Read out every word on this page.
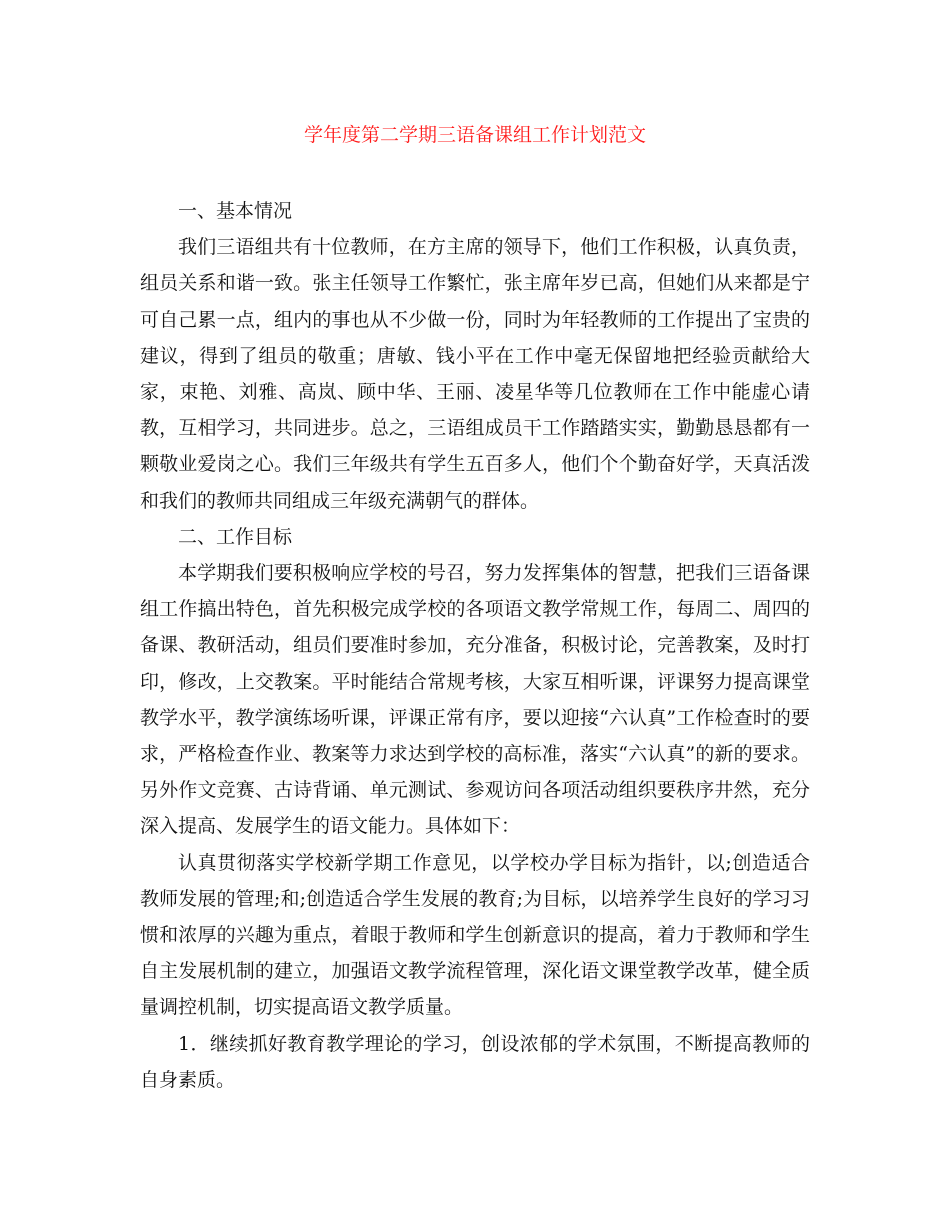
学年度第二学期三语备课组工作计划范文

一、基本情况

我们三语组共有十位教师，在方主席的领导下，他们工作积极，认真负责，组员关系和谐一致。张主任领导工作繁忙，张主席年岁已高，但她们从来都是宁可自己累一点，组内的事也从不少做一份，同时为年轻教师的工作提出了宝贵的建议，得到了组员的敬重；唐敏、钱小平在工作中毫无保留地把经验贡献给大家，束艳、刘雅、高岚、顾中华、王丽、凌星华等几位教师在工作中能虚心请教，互相学习，共同进步。总之，三语组成员干工作踏踏实实，勤勤恳恳都有一颗敬业爱岗之心。我们三年级共有学生五百多人，他们个个勤奋好学，天真活泼和我们的教师共同组成三年级充满朝气的群体。

二、工作目标

本学期我们要积极响应学校的号召，努力发挥集体的智慧，把我们三语备课组工作搞出特色，首先积极完成学校的各项语文教学常规工作，每周二、周四的备课、教研活动，组员们要准时参加，充分准备，积极讨论，完善教案，及时打印，修改，上交教案。平时能结合常规考核，大家互相听课，评课努力提高课堂教学水平，教学演练场听课，评课正常有序，要以迎接“六认真”工作检查时的要求，严格检查作业、教案等力求达到学校的高标准，落实“六认真”的新的要求。另外作文竞赛、古诗背诵、单元测试、参观访问各项活动组织要秩序井然，充分深入提高、发展学生的语文能力。具体如下：

认真贯彻落实学校新学期工作意见，以学校办学目标为指针，以;创造适合教师发展的管理;和;创造适合学生发展的教育;为目标，以培养学生良好的学习习惯和浓厚的兴趣为重点，着眼于教师和学生创新意识的提高，着力于教师和学生自主发展机制的建立，加强语文教学流程管理，深化语文课堂教学改革，健全质量调控机制，切实提高语文教学质量。

1．继续抓好教育教学理论的学习，创设浓郁的学术氛围，不断提高教师的自身素质。
